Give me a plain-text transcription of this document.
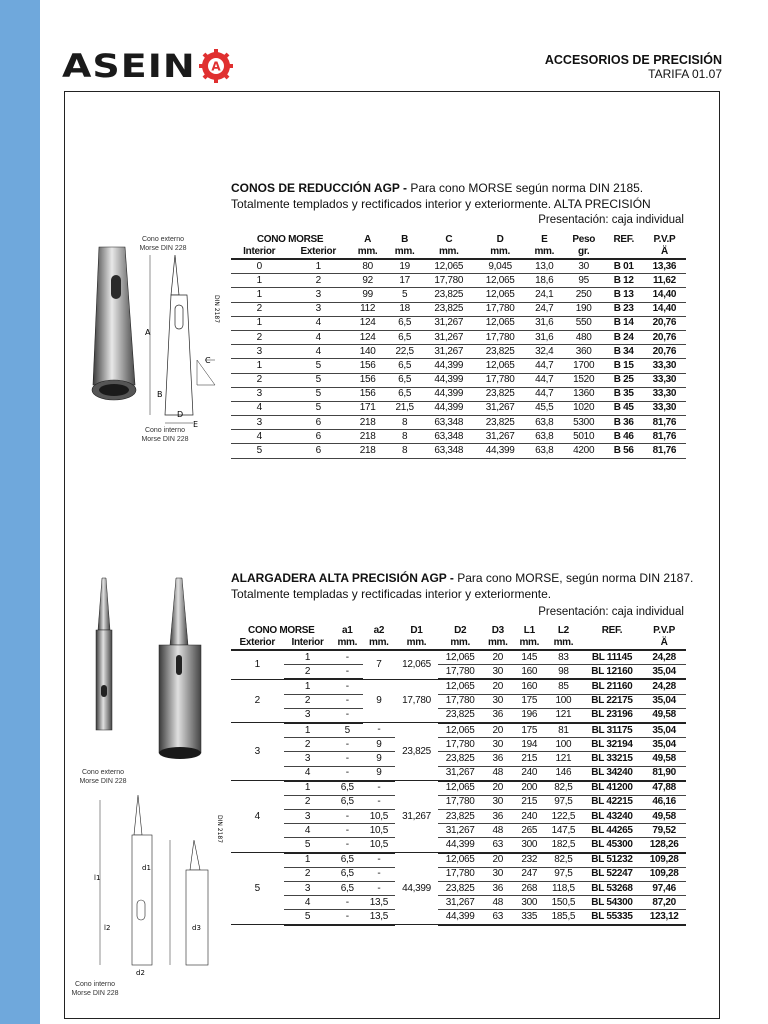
ASEIN A	ACCESORIOS DE PRECISIÓN
TARIFA 01.07
CONOS DE REDUCCIÓN AGP - Para cono MORSE según norma DIN 2185. Totalmente templados y rectificados interior y exteriormente. ALTA PRECISIÓN
Presentación: caja individual
A
B
C
D
E
DIN 2187
Cono externo
Morse DIN 228
Cono interno
Morse DIN 228
CONO MORSE		A	B	C	D	E	Peso	REF.	P.V.P
Interior	Exterior	mm.	mm.	mm.	mm.	mm.	gr.		Ä
0	1	80	19	12,065	9,045	13,0	30	B 01	13,36
1	2	92	17	17,780	12,065	18,6	95	B 12	11,62
1	3	99	5	23,825	12,065	24,1	250	B 13	14,40
2	3	112	18	23,825	17,780	24,7	190	B 23	14,40
1	4	124	6,5	31,267	12,065	31,6	550	B 14	20,76
2	4	124	6,5	31,267	17,780	31,6	480	B 24	20,76
3	4	140	22,5	31,267	23,825	32,4	360	B 34	20,76
1	5	156	6,5	44,399	12,065	44,7	1700	B 15	33,30
2	5	156	6,5	44,399	17,780	44,7	1520	B 25	33,30
3	5	156	6,5	44,399	23,825	44,7	1360	B 35	33,30
4	5	171	21,5	44,399	31,267	45,5	1020	B 45	33,30
3	6	218	8	63,348	23,825	63,8	5300	B 36	81,76
4	6	218	8	63,348	31,267	63,8	5010	B 46	81,76
5	6	218	8	63,348	44,399	63,8	4200	B 56	81,76
ALARGADERA ALTA PRECISIÓN AGP - Para cono MORSE, según norma DIN 2187. Totalmente templadas y rectificadas interior y exteriormente.
Presentación: caja individual
l1
l2
d1
d2
d3
DIN 2187
Cono externo
Morse DIN 228
Cono interno
Morse DIN 228
CONO MORSE		a1	a2	D1	D2	D3	L1	L2	REF.	P.V.P
Exterior	Interior	mm.	mm.	mm.	mm.	mm.	mm.	mm.		Ä
1	1	-	7	12,065	12,065	20	145	83	BL 11145	24,28
	2	-			17,780	30	160	98	BL 12160	35,04
2	1	-	9	17,780	12,065	20	160	85	BL 21160	24,28
	2	-			17,780	30	175	100	BL 22175	35,04
	3	-			23,825	36	196	121	BL 23196	49,58
3	1	5	-	23,825	12,065	20	175	81	BL 31175	35,04
	2	-	9		17,780	30	194	100	BL 32194	35,04
	3	-	9		23,825	36	215	121	BL 33215	49,58
	4	-	9		31,267	48	240	146	BL 34240	81,90
4	1	6,5	-	31,267	12,065	20	200	82,5	BL 41200	47,88
	2	6,5	-		17,780	30	215	97,5	BL 42215	46,16
	3	-	10,5		23,825	36	240	122,5	BL 43240	49,58
	4	-	10,5		31,267	48	265	147,5	BL 44265	79,52
	5	-	10,5		44,399	63	300	182,5	BL 45300	128,26
5	1	6,5	-	44,399	12,065	20	232	82,5	BL 51232	109,28
	2	6,5	-		17,780	30	247	97,5	BL 52247	109,28
	3	6,5	-		23,825	36	268	118,5	BL 53268	97,46
	4	-	13,5		31,267	48	300	150,5	BL 54300	87,20
	5	-	13,5		44,399	63	335	185,5	BL 55335	123,12
